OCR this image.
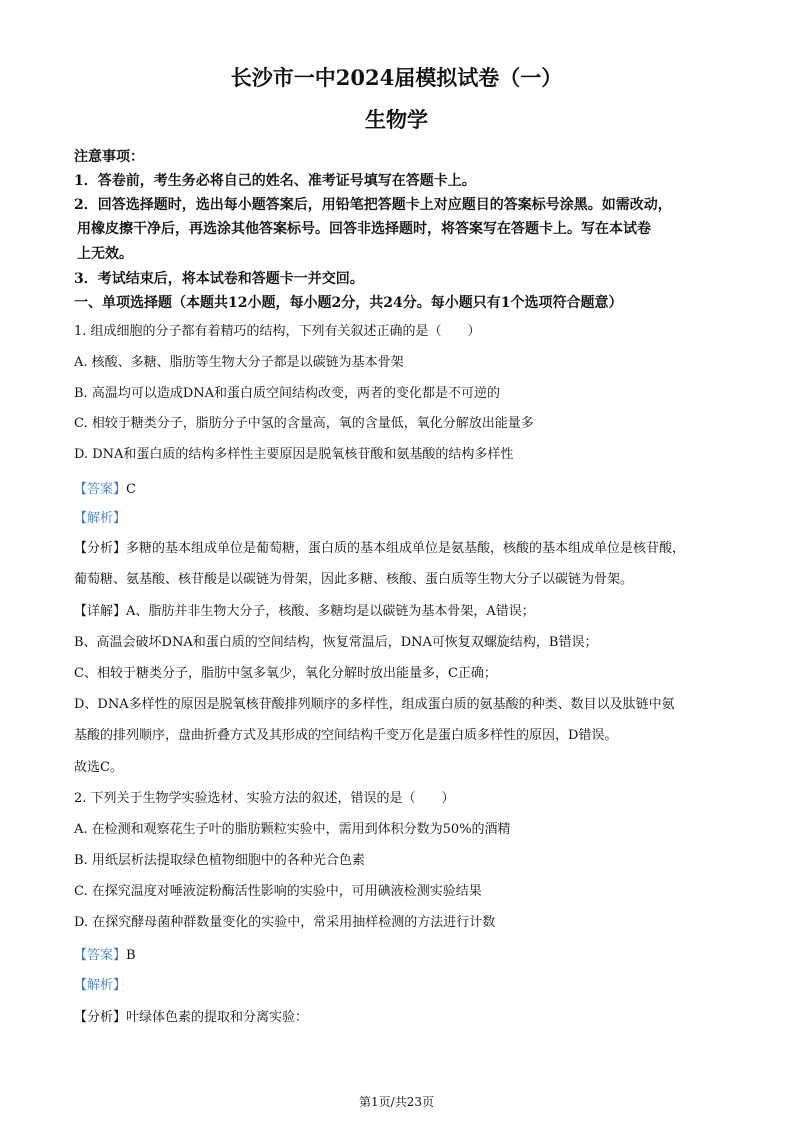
长沙市一中2024届模拟试卷（一）
生物学
注意事项：
1．答卷前，考生务必将自己的姓名、准考证号填写在答题卡上。
2．回答选择题时，选出每小题答案后，用铅笔把答题卡上对应题目的答案标号涂黑。如需改动，
用橡皮擦干净后，再选涂其他答案标号。回答非选择题时，将答案写在答题卡上。写在本试卷
上无效。
3．考试结束后，将本试卷和答题卡一并交回。
一、单项选择题（本题共12小题，每小题2分，共24分。每小题只有1个选项符合题意）
1. 组成细胞的分子都有着精巧的结构，下列有关叙述正确的是（　　）
A. 核酸、多糖、脂肪等生物大分子都是以碳链为基本骨架
B. 高温均可以造成DNA和蛋白质空间结构改变，两者的变化都是不可逆的
C. 相较于糖类分子，脂肪分子中氢的含量高，氧的含量低，氧化分解放出能量多
D. DNA和蛋白质的结构多样性主要原因是脱氧核苷酸和氨基酸的结构多样性
【答案】C
【解析】
【分析】多糖的基本组成单位是葡萄糖，蛋白质的基本组成单位是氨基酸，核酸的基本组成单位是核苷酸，
葡萄糖、氨基酸、核苷酸是以碳链为骨架，因此多糖、核酸、蛋白质等生物大分子以碳链为骨架。
【详解】A、脂肪并非生物大分子，核酸、多糖均是以碳链为基本骨架，A错误；
B、高温会破坏DNA和蛋白质的空间结构，恢复常温后，DNA可恢复双螺旋结构，B错误；
C、相较于糖类分子，脂肪中氢多氧少，氧化分解时放出能量多，C正确；
D、DNA多样性的原因是脱氧核苷酸排列顺序的多样性，组成蛋白质的氨基酸的种类、数目以及肽链中氨
基酸的排列顺序，盘曲折叠方式及其形成的空间结构千变万化是蛋白质多样性的原因，D错误。
故选C。
2. 下列关于生物学实验选材、实验方法的叙述，错误的是（　　）
A. 在检测和观察花生子叶的脂肪颗粒实验中，需用到体积分数为50%的酒精
B. 用纸层析法提取绿色植物细胞中的各种光合色素
C. 在探究温度对唾液淀粉酶活性影响的实验中，可用碘液检测实验结果
D. 在探究酵母菌种群数量变化的实验中，常采用抽样检测的方法进行计数
【答案】B
【解析】
【分析】叶绿体色素的提取和分离实验：
第1页/共23页
